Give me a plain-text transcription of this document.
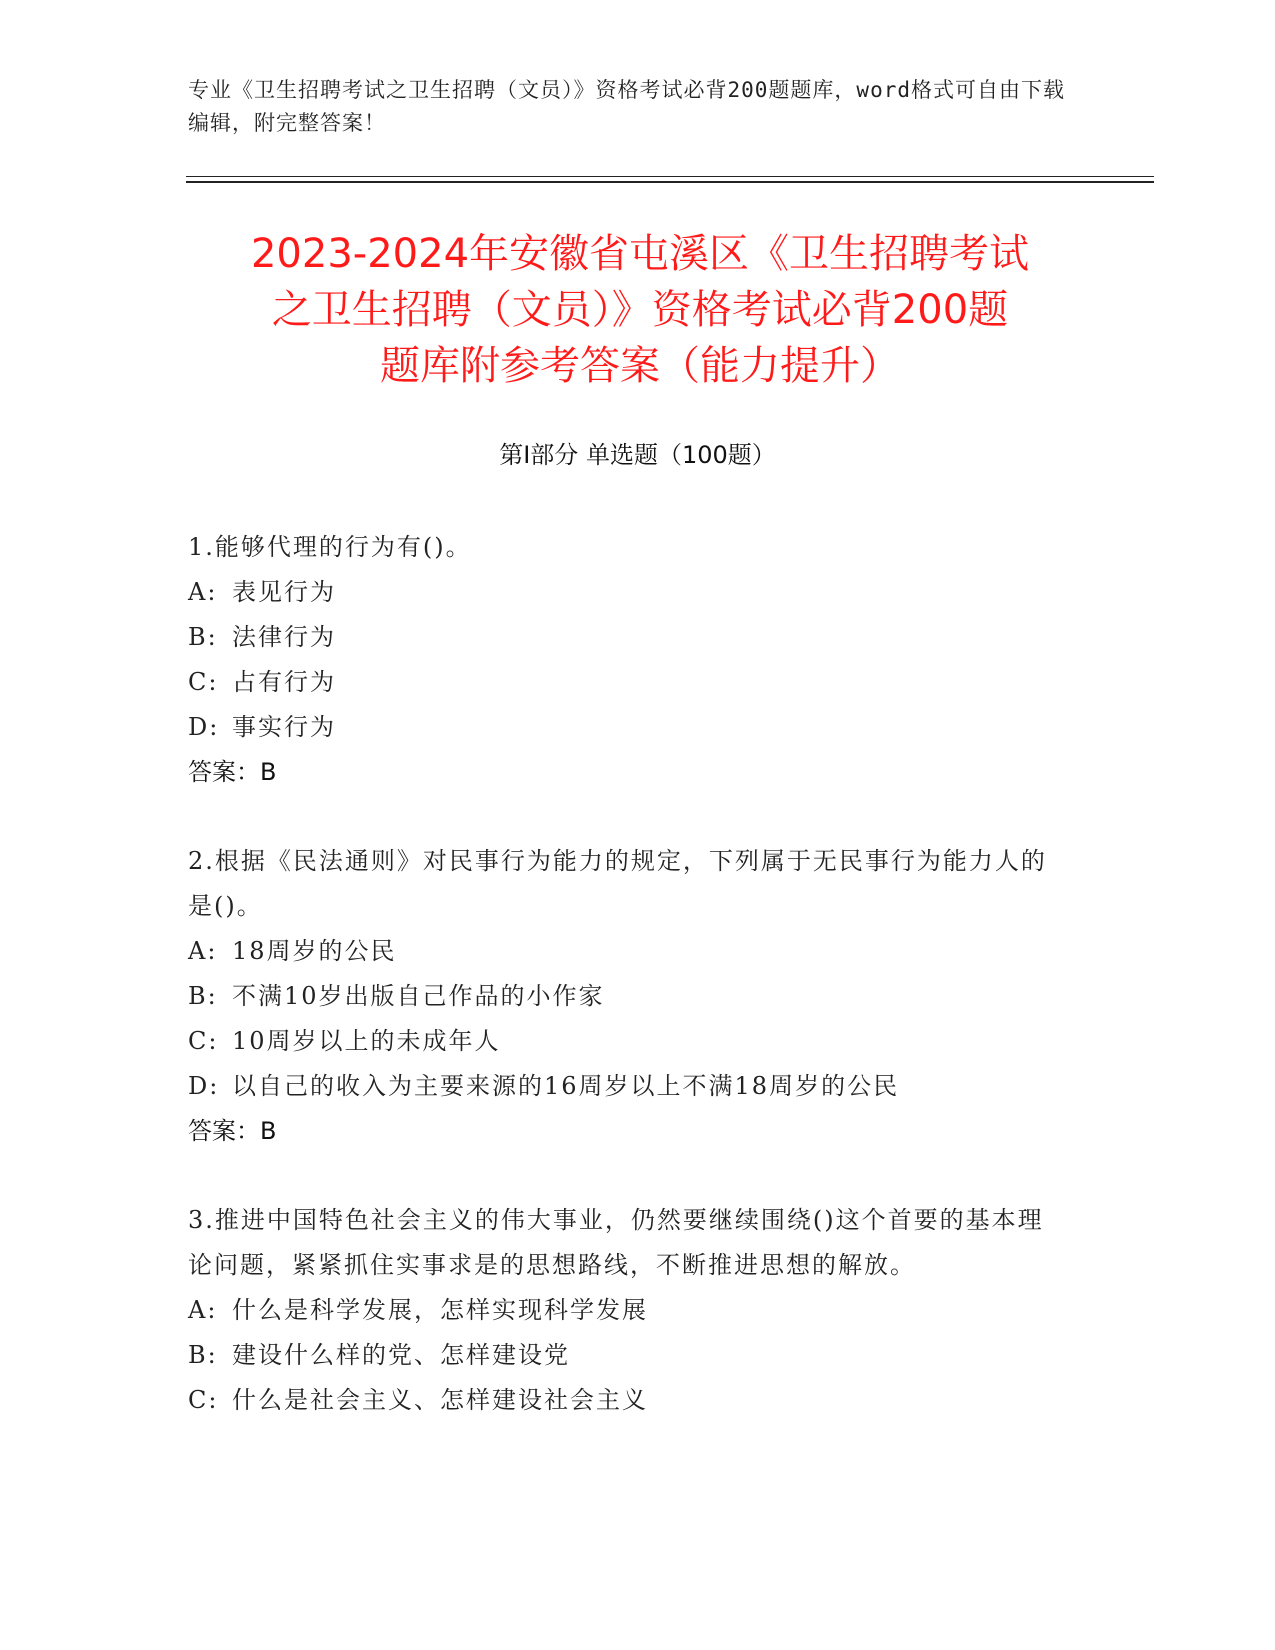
专业《卫生招聘考试之卫生招聘（文员）》资格考试必背200题题库，word格式可自由下载编辑，附完整答案！
2023-2024年安徽省屯溪区《卫生招聘考试
之卫生招聘（文员）》资格考试必背200题
题库附参考答案（能力提升）
第Ⅰ部分 单选题（100题）
1.能够代理的行为有()。
A: 表见行为
B: 法律行为
C: 占有行为
D: 事实行为
答案：B
2.根据《民法通则》对民事行为能力的规定，下列属于无民事行为能力人的是()。
A: 18周岁的公民
B: 不满10岁出版自己作品的小作家
C: 10周岁以上的未成年人
D: 以自己的收入为主要来源的16周岁以上不满18周岁的公民
答案：B
3.推进中国特色社会主义的伟大事业，仍然要继续围绕()这个首要的基本理论问题，紧紧抓住实事求是的思想路线，不断推进思想的解放。
A: 什么是科学发展，怎样实现科学发展
B: 建设什么样的党、怎样建设党
C: 什么是社会主义、怎样建设社会主义
